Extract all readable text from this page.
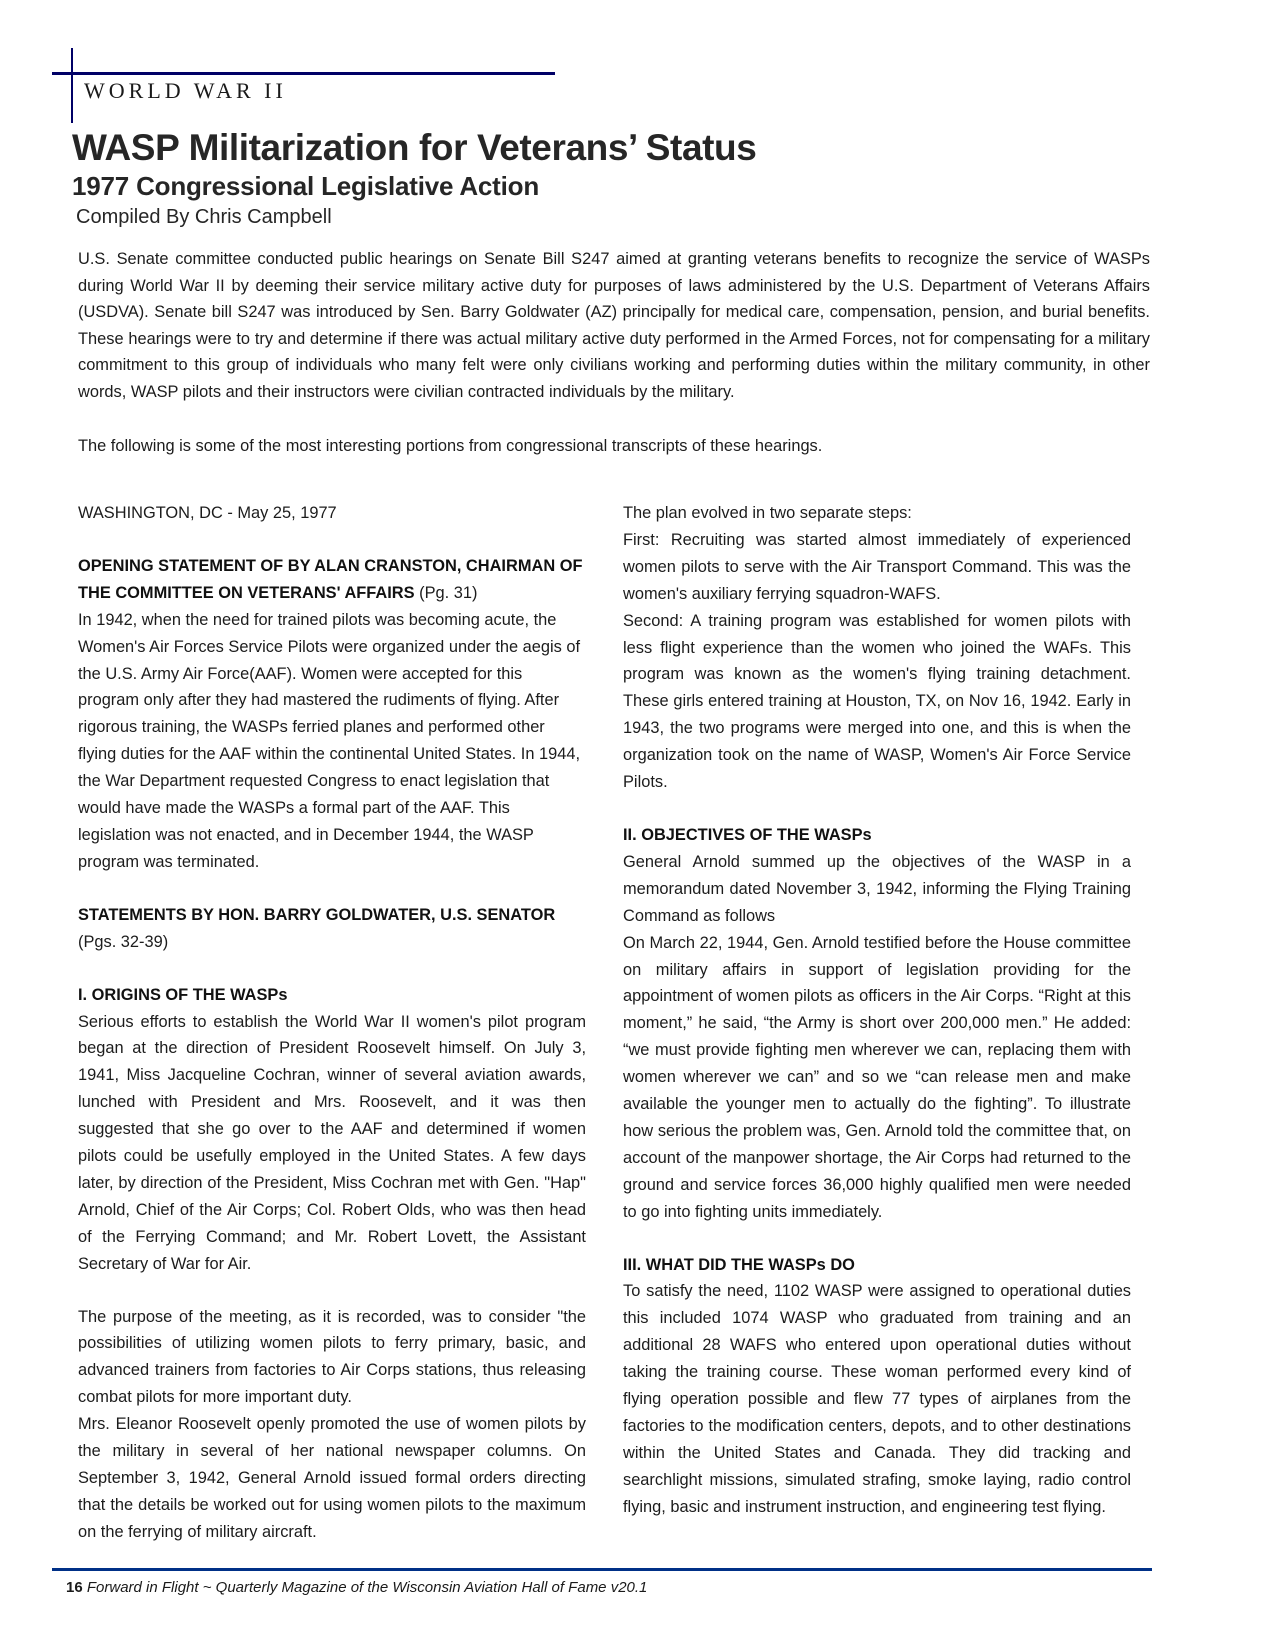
WORLD WAR II
WASP Militarization for Veterans’ Status
1977 Congressional Legislative Action
Compiled By Chris Campbell

U.S. Senate committee conducted public hearings on Senate Bill S247 aimed at granting veterans benefits to recognize the service of WASPs during World War II by deeming their service military active duty for purposes of laws administered by the U.S. Department of Veterans Affairs (USDVA). Senate bill S247 was introduced by Sen. Barry Goldwater (AZ) principally for medical care, compensation, pension, and burial benefits. These hearings were to try and determine if there was actual military active duty performed in the Armed Forces, not for compensating for a military commitment to this group of individuals who many felt were only civilians working and performing duties within the military community, in other words, WASP pilots and their instructors were civilian contracted individuals by the military.

The following is some of the most interesting portions from congressional transcripts of these hearings.

WASHINGTON, DC - May 25, 1977

OPENING STATEMENT OF BY ALAN CRANSTON, CHAIRMAN OF THE COMMITTEE ON VETERANS' AFFAIRS (Pg. 31)

In 1942, when the need for trained pilots was becoming acute, the Women's Air Forces Service Pilots were organized under the aegis of the U.S. Army Air Force(AAF). Women were accepted for this program only after they had mastered the rudiments of flying. After rigorous training, the WASPs ferried planes and performed other flying duties for the AAF within the continental United States. In 1944, the War Department requested Congress to enact legislation that would have made the WASPs a formal part of the AAF. This legislation was not enacted, and in December 1944, the WASP program was terminated.

STATEMENTS BY HON. BARRY GOLDWATER, U.S. SENATOR

(Pgs. 32-39)

I. ORIGINS OF THE WASPs

Serious efforts to establish the World War II women's pilot program began at the direction of President Roosevelt himself. On July 3, 1941, Miss Jacqueline Cochran, winner of several aviation awards, lunched with President and Mrs. Roosevelt, and it was then suggested that she go over to the AAF and determined if women pilots could be usefully employed in the United States. A few days later, by direction of the President, Miss Cochran met with Gen. "Hap" Arnold, Chief of the Air Corps; Col. Robert Olds, who was then head of the Ferrying Command; and Mr. Robert Lovett, the Assistant Secretary of War for Air.

The purpose of the meeting, as it is recorded, was to consider "the possibilities of utilizing women pilots to ferry primary, basic, and advanced trainers from factories to Air Corps stations, thus releasing combat pilots for more important duty.

Mrs. Eleanor Roosevelt openly promoted the use of women pilots by the military in several of her national newspaper columns. On September 3, 1942, General Arnold issued formal orders directing that the details be worked out for using women pilots to the maximum on the ferrying of military aircraft.

The plan evolved in two separate steps:

First: Recruiting was started almost immediately of experienced women pilots to serve with the Air Transport Command. This was the women's auxiliary ferrying squadron-WAFS.

Second: A training program was established for women pilots with less flight experience than the women who joined the WAFs. This program was known as the women's flying training detachment. These girls entered training at Houston, TX, on Nov 16, 1942. Early in 1943, the two programs were merged into one, and this is when the organization took on the name of WASP, Women's Air Force Service Pilots.

II. OBJECTIVES OF THE WASPs

General Arnold summed up the objectives of the WASP in a memorandum dated November 3, 1942, informing the Flying Training Command as follows

On March 22, 1944, Gen. Arnold testified before the House committee on military affairs in support of legislation providing for the appointment of women pilots as officers in the Air Corps. “Right at this moment,” he said, “the Army is short over 200,000 men.” He added: “we must provide fighting men wherever we can, replacing them with women wherever we can” and so we “can release men and make available the younger men to actually do the fighting”. To illustrate how serious the problem was, Gen. Arnold told the committee that, on account of the manpower shortage, the Air Corps had returned to the ground and service forces 36,000 highly qualified men were needed to go into fighting units immediately.

III. WHAT DID THE WASPs DO

To satisfy the need, 1102 WASP were assigned to operational duties this included 1074 WASP who graduated from training and an additional 28 WAFS who entered upon operational duties without taking the training course. These woman performed every kind of flying operation possible and flew 77 types of airplanes from the factories to the modification centers, depots, and to other destinations within the United States and Canada. They did tracking and searchlight missions, simulated strafing, smoke laying, radio control flying, basic and instrument instruction, and engineering test flying.

16 Forward in Flight ~ Quarterly Magazine of the Wisconsin Aviation Hall of Fame v20.1
